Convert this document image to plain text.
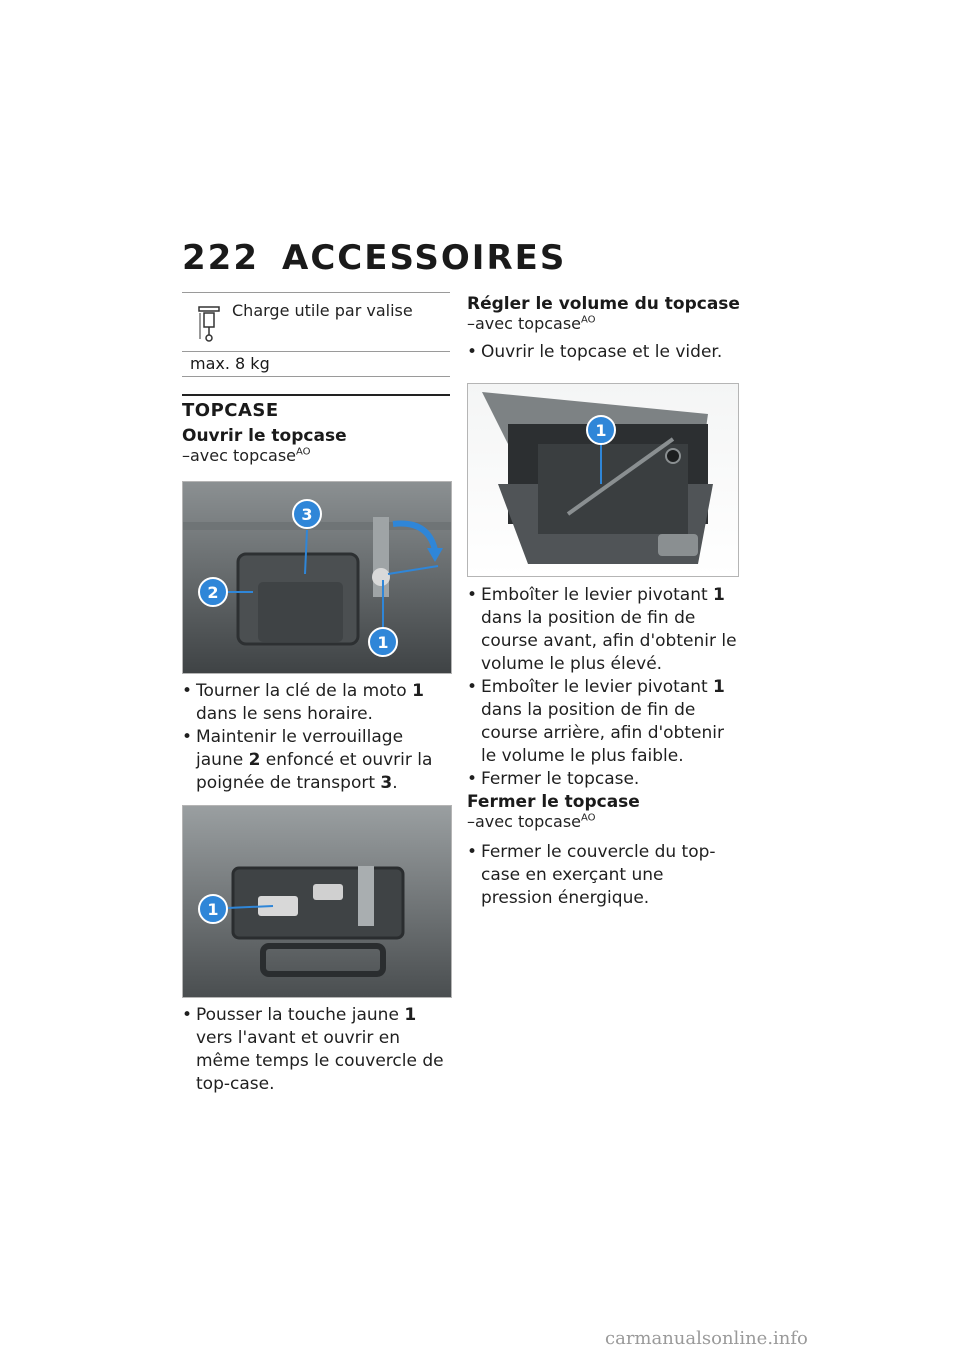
222 ACCESSOIRES
Charge utile par valise
max. 8 kg
TOPCASE
Ouvrir le topcase
–avec topcase$^{AO}$
3
2
1
• Tourner la clé de la moto 1 dans le sens horaire.
• Maintenir le verrouillage jaune 2 enfoncé et ouvrir la poignée de transport 3.
1
• Pousser la touche jaune 1 vers l'avant et ouvrir en même temps le couvercle de top-case.
Régler le volume du topcase
–avec topcase$^{AO}$
• Ouvrir le topcase et le vider.
1
• Emboîter le levier pivotant 1 dans la position de fin de course avant, afin d'obtenir le volume le plus élevé.
• Emboîter le levier pivotant 1 dans la position de fin de course arrière, afin d'obtenir le volume le plus faible.
• Fermer le topcase.
Fermer le topcase
–avec topcase$^{AO}$
• Fermer le couvercle du top-case en exerçant une pression énergique.
carmanualsonline.info
